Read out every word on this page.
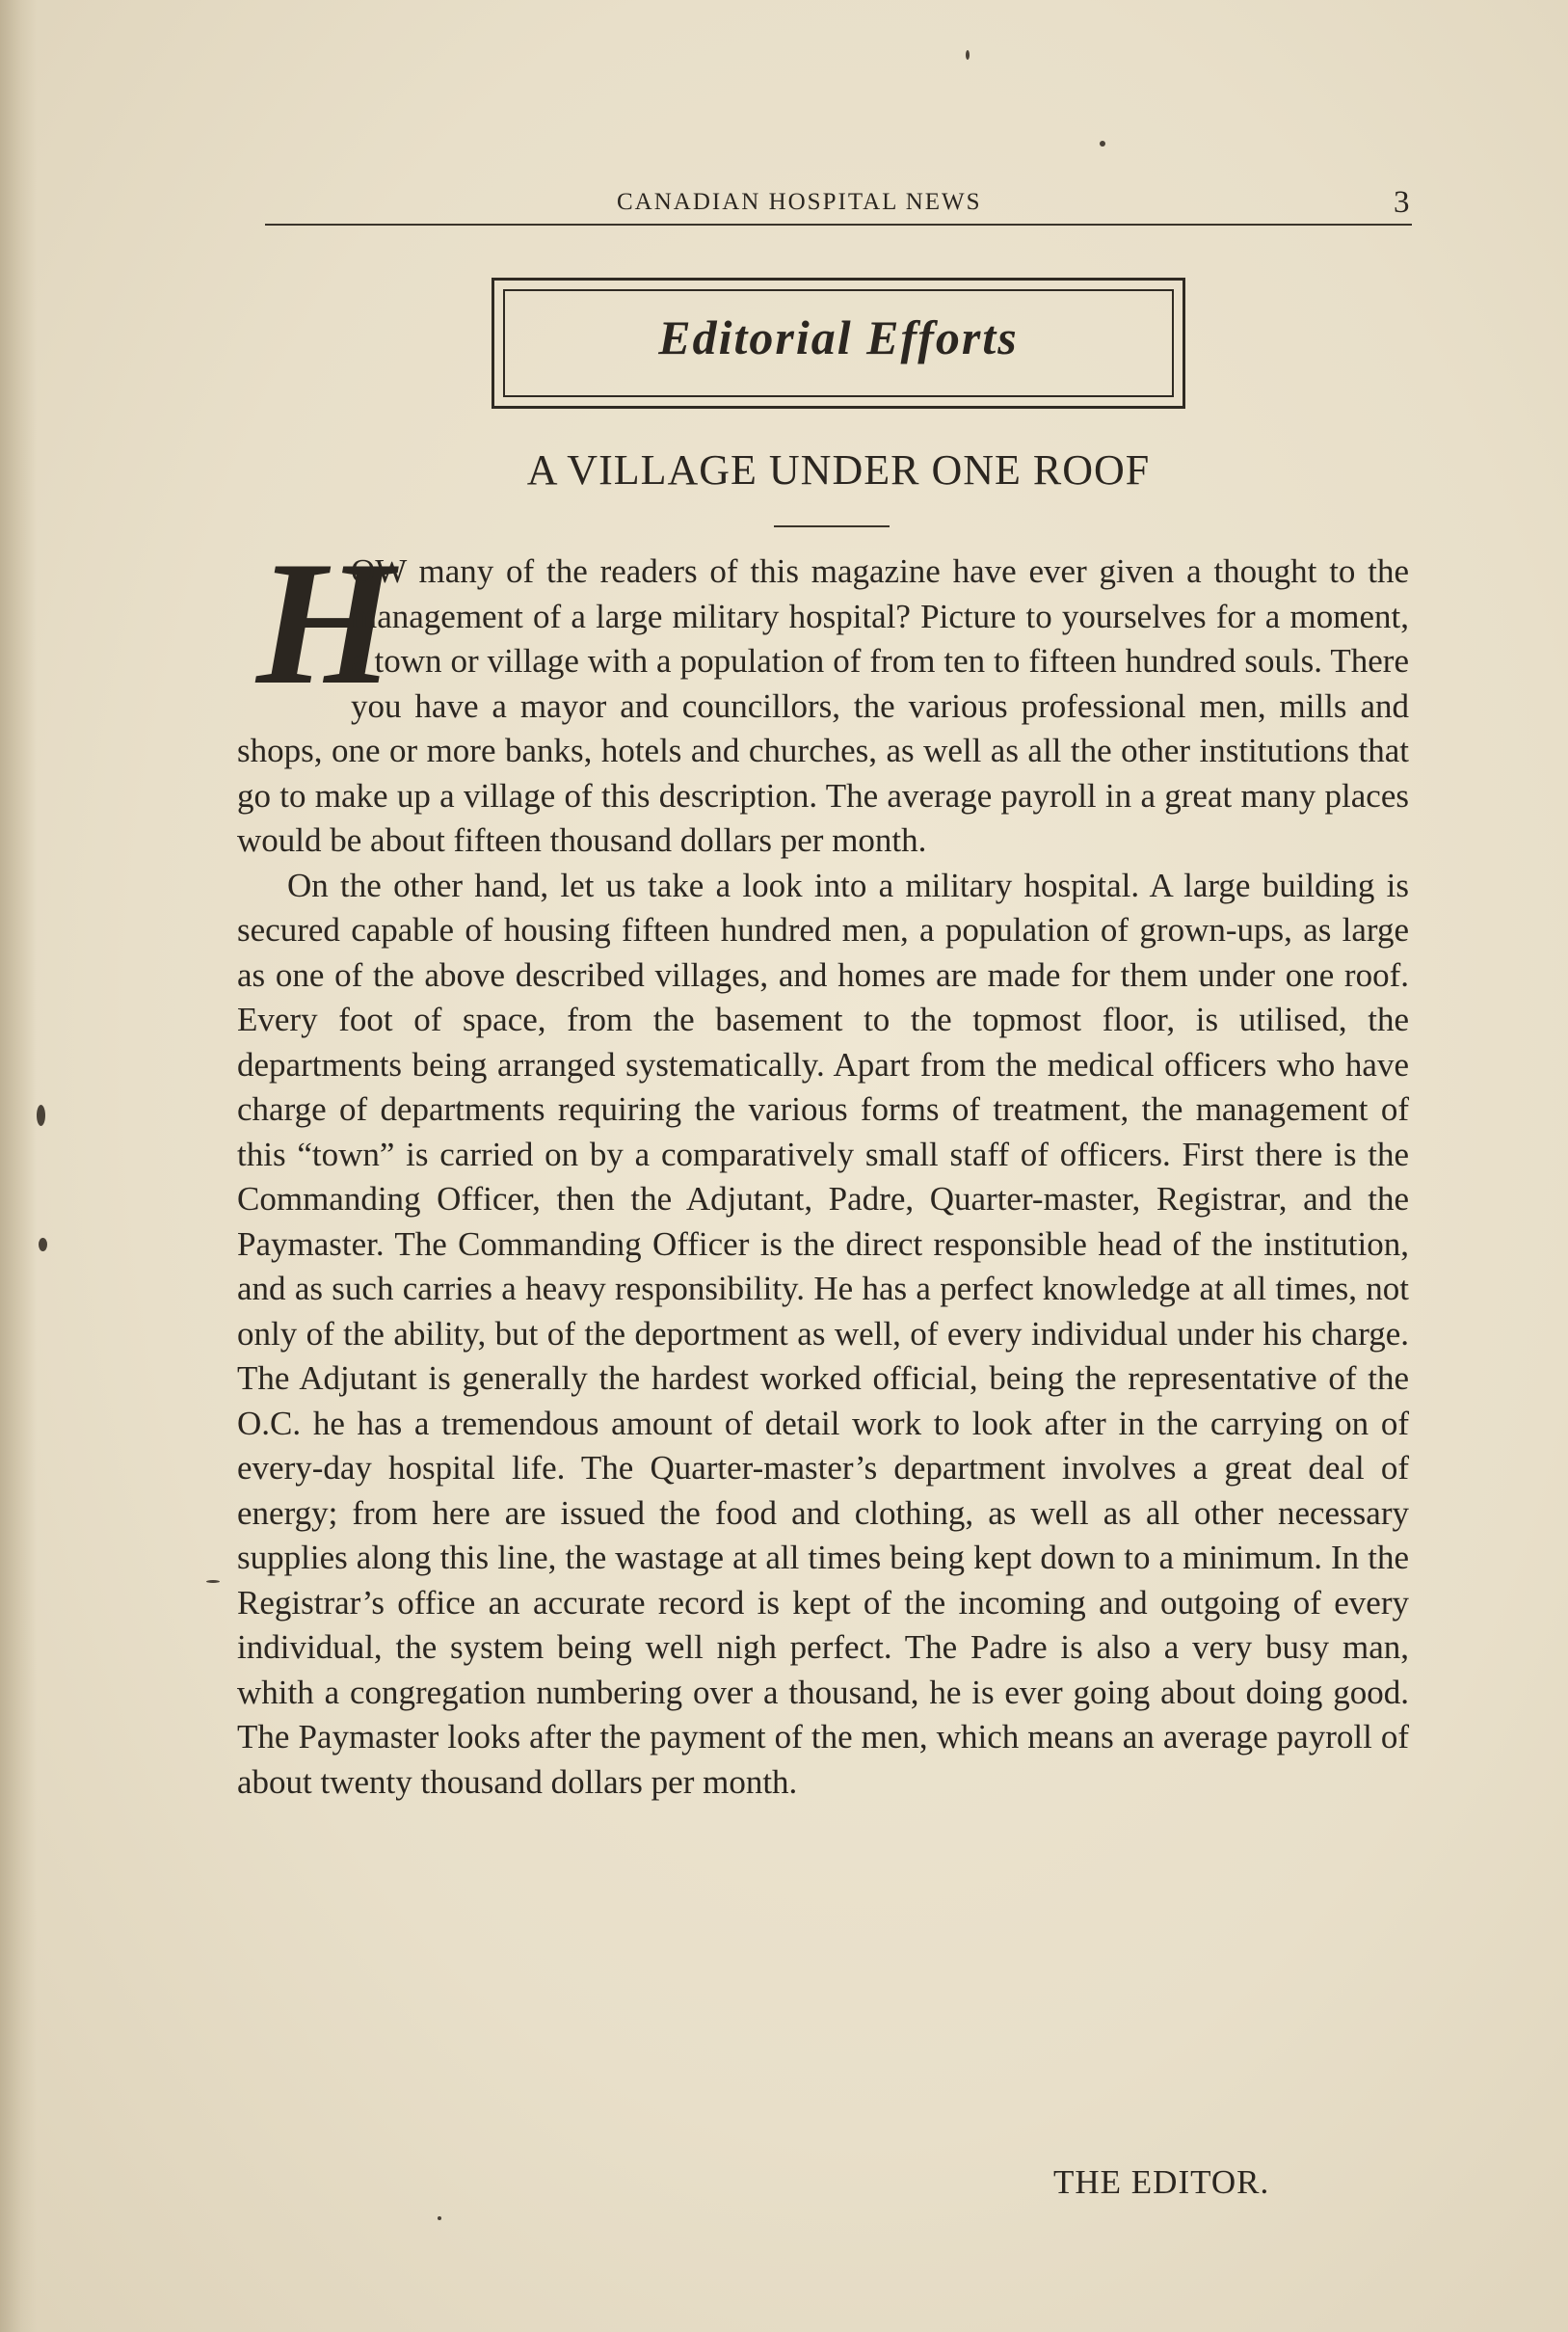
CANADIAN HOSPITAL NEWS	3
Editorial Efforts
A VILLAGE UNDER ONE ROOF
H

OW many of the readers of this magazine have ever given a thought to the management of a large military hospital? Picture to yourselves for a moment, a town or village with a population of from ten to fifteen hundred souls. There you have a mayor and councillors, the various professional men, mills and shops, one or more banks, hotels and churches, as well as all the other institutions that go to make up a village of this description. The average payroll in a great many places would be about fifteen thousand dollars per month.

On the other hand, let us take a look into a military hospital. A large building is secured capable of housing fifteen hundred men, a population of grown-ups, as large as one of the above described villages, and homes are made for them under one roof. Every foot of space, from the basement to the topmost floor, is utilised, the departments being arranged systematically. Apart from the medical officers who have charge of departments requiring the various forms of treatment, the management of this “town” is carried on by a comparatively small staff of officers. First there is the Commanding Officer, then the Adjutant, Padre, Quarter-master, Registrar, and the Paymaster. The Commanding Officer is the direct responsible head of the institution, and as such carries a heavy responsibility. He has a perfect knowledge at all times, not only of the ability, but of the deportment as well, of every individual under his charge. The Adjutant is generally the hardest worked official, being the representative of the O.C. he has a tremendous amount of detail work to look after in the carrying on of every-day hospital life. The Quarter-master’s department involves a great deal of energy; from here are issued the food and clothing, as well as all other necessary supplies along this line, the wastage at all times being kept down to a minimum. In the Registrar’s office an accurate record is kept of the incoming and outgoing of every individual, the system being well nigh perfect. The Padre is also a very busy man, whith a congregation numbering over a thousand, he is ever going about doing good. The Paymaster looks after the payment of the men, which means an average payroll of about twenty thousand dollars per month.

THE EDITOR.
